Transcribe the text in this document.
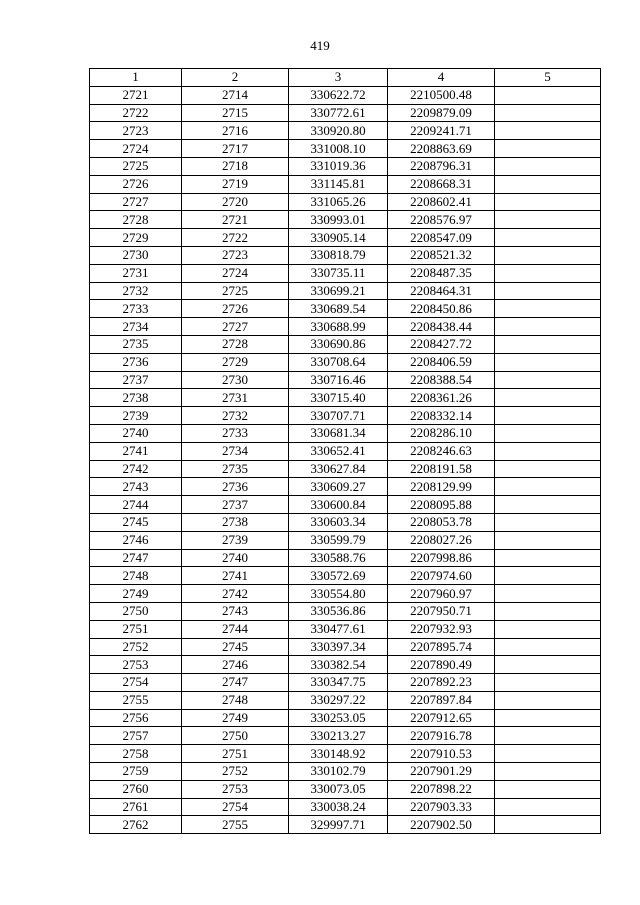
419
1	2	3	4	5
2721	2714	330622.72	2210500.48	
2722	2715	330772.61	2209879.09	
2723	2716	330920.80	2209241.71	
2724	2717	331008.10	2208863.69	
2725	2718	331019.36	2208796.31	
2726	2719	331145.81	2208668.31	
2727	2720	331065.26	2208602.41	
2728	2721	330993.01	2208576.97	
2729	2722	330905.14	2208547.09	
2730	2723	330818.79	2208521.32	
2731	2724	330735.11	2208487.35	
2732	2725	330699.21	2208464.31	
2733	2726	330689.54	2208450.86	
2734	2727	330688.99	2208438.44	
2735	2728	330690.86	2208427.72	
2736	2729	330708.64	2208406.59	
2737	2730	330716.46	2208388.54	
2738	2731	330715.40	2208361.26	
2739	2732	330707.71	2208332.14	
2740	2733	330681.34	2208286.10	
2741	2734	330652.41	2208246.63	
2742	2735	330627.84	2208191.58	
2743	2736	330609.27	2208129.99	
2744	2737	330600.84	2208095.88	
2745	2738	330603.34	2208053.78	
2746	2739	330599.79	2208027.26	
2747	2740	330588.76	2207998.86	
2748	2741	330572.69	2207974.60	
2749	2742	330554.80	2207960.97	
2750	2743	330536.86	2207950.71	
2751	2744	330477.61	2207932.93	
2752	2745	330397.34	2207895.74	
2753	2746	330382.54	2207890.49	
2754	2747	330347.75	2207892.23	
2755	2748	330297.22	2207897.84	
2756	2749	330253.05	2207912.65	
2757	2750	330213.27	2207916.78	
2758	2751	330148.92	2207910.53	
2759	2752	330102.79	2207901.29	
2760	2753	330073.05	2207898.22	
2761	2754	330038.24	2207903.33	
2762	2755	329997.71	2207902.50	
